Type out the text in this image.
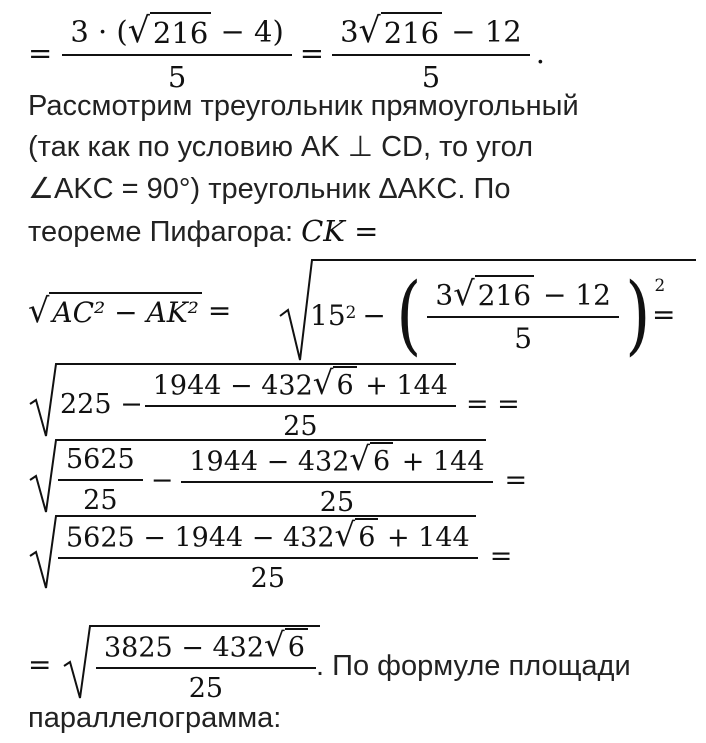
= $\frac{3 \cdot ( √ 216 - 4)}{5} = \frac{3 √ 216 - 12}{5}$ .
Рассмотрим треугольник прямоугольный
(так как по условию AK ⊥ CD, то угол
∠AKC = 90°) треугольник ΔAKC. По
теореме Пифагора: CK =
√ AC² − AK² =	$15^2$ − ( $\frac{3 √ 216 - 12}{5} )^2$
=
$225 - \frac{1944 - 432 √ 6 + 144}{25}$ = =
$\frac{5625}{25} - \frac{1944 - 432 √ 6 + 144}{25}$ =
$\frac{5625 - 1944 - 432 √ 6 + 144}{25}$ =
= $\frac{3825 - 432 √ 6}{25}$ . По формуле площади
параллелограмма:
